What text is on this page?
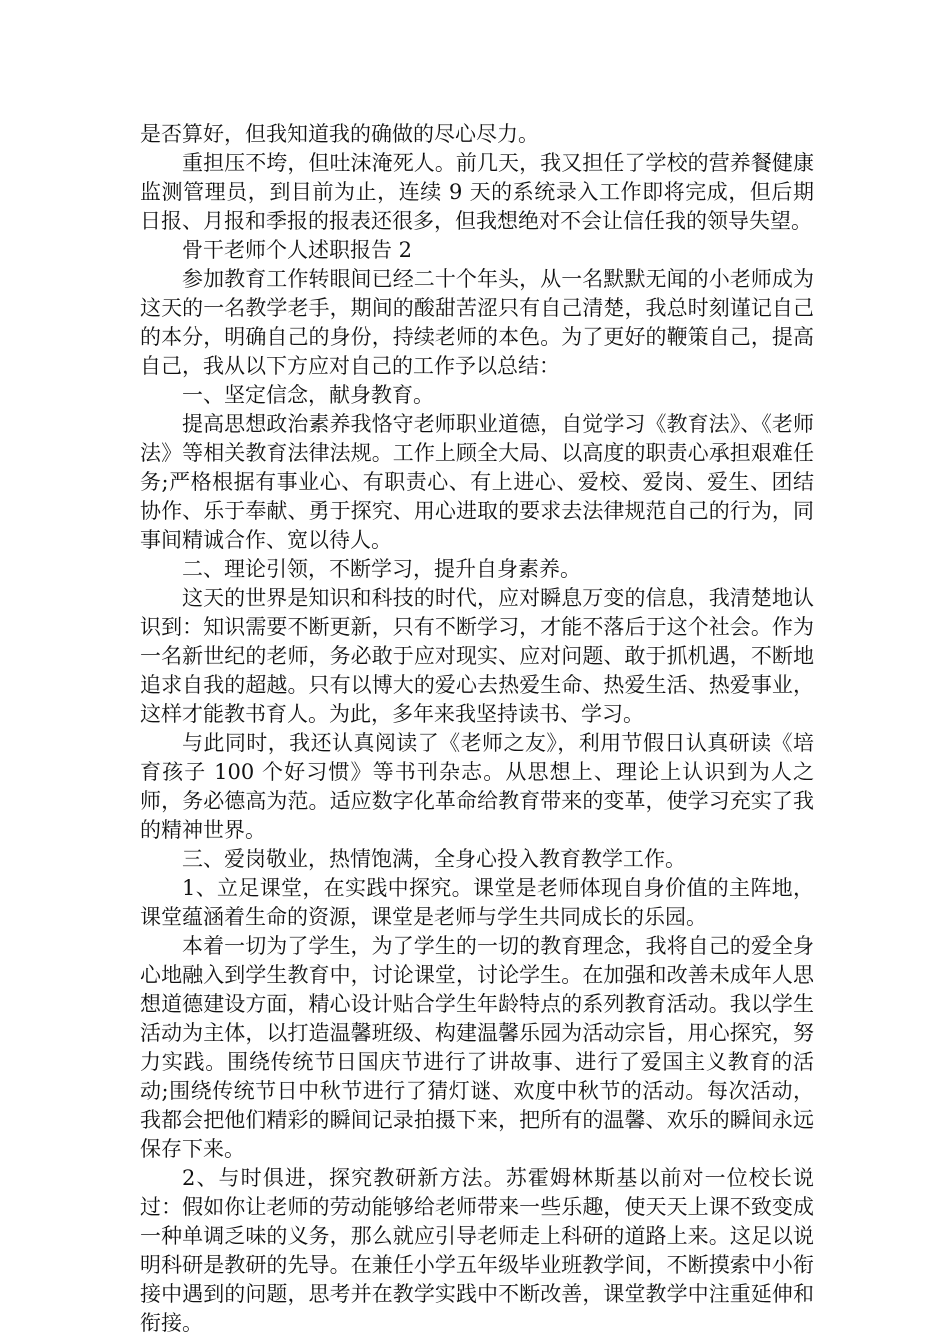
是否算好，但我知道我的确做的尽心尽力。

重担压不垮，但吐沫淹死人。前几天，我又担任了学校的营养餐健康监测管理员，到目前为止，连续 9 天的系统录入工作即将完成，但后期日报、月报和季报的报表还很多，但我想绝对不会让信任我的领导失望。

骨干老师个人述职报告 2

参加教育工作转眼间已经二十个年头，从一名默默无闻的小老师成为这天的一名教学老手，期间的酸甜苦涩只有自己清楚，我总时刻谨记自己的本分，明确自己的身份，持续老师的本色。为了更好的鞭策自己，提高自己，我从以下方应对自己的工作予以总结：

一、坚定信念，献身教育。

提高思想政治素养我恪守老师职业道德，自觉学习《教育法》、《老师法》等相关教育法律法规。工作上顾全大局、以高度的职责心承担艰难任务;严格根据有事业心、有职责心、有上进心、爱校、爱岗、爱生、团结协作、乐于奉献、勇于探究、用心进取的要求去法律规范自己的行为，同事间精诚合作、宽以待人。

二、理论引领，不断学习，提升自身素养。

这天的世界是知识和科技的时代，应对瞬息万变的信息，我清楚地认识到：知识需要不断更新，只有不断学习，才能不落后于这个社会。作为一名新世纪的老师，务必敢于应对现实、应对问题、敢于抓机遇，不断地追求自我的超越。只有以博大的爱心去热爱生命、热爱生活、热爱事业，这样才能教书育人。为此，多年来我坚持读书、学习。

与此同时，我还认真阅读了《老师之友》，利用节假日认真研读《培育孩子 100 个好习惯》等书刊杂志。从思想上、理论上认识到为人之师，务必德高为范。适应数字化革命给教育带来的变革，使学习充实了我的精神世界。

三、爱岗敬业，热情饱满，全身心投入教育教学工作。

1、立足课堂，在实践中探究。课堂是老师体现自身价值的主阵地，课堂蕴涵着生命的资源，课堂是老师与学生共同成长的乐园。

本着一切为了学生，为了学生的一切的教育理念，我将自己的爱全身心地融入到学生教育中，讨论课堂，讨论学生。在加强和改善未成年人思想道德建设方面，精心设计贴合学生年龄特点的系列教育活动。我以学生活动为主体，以打造温馨班级、构建温馨乐园为活动宗旨，用心探究，努力实践。围绕传统节日国庆节进行了讲故事、进行了爱国主义教育的活动;围绕传统节日中秋节进行了猜灯谜、欢度中秋节的活动。每次活动，我都会把他们精彩的瞬间记录拍摄下来，把所有的温馨、欢乐的瞬间永远保存下来。

2、与时俱进，探究教研新方法。苏霍姆林斯基以前对一位校长说过：假如你让老师的劳动能够给老师带来一些乐趣，使天天上课不致变成一种单调乏味的义务，那么就应引导老师走上科研的道路上来。这足以说明科研是教研的先导。在兼任小学五年级毕业班教学间，不断摸索中小衔接中遇到的问题，思考并在教学实践中不断改善，课堂教学中注重延伸和衔接。
